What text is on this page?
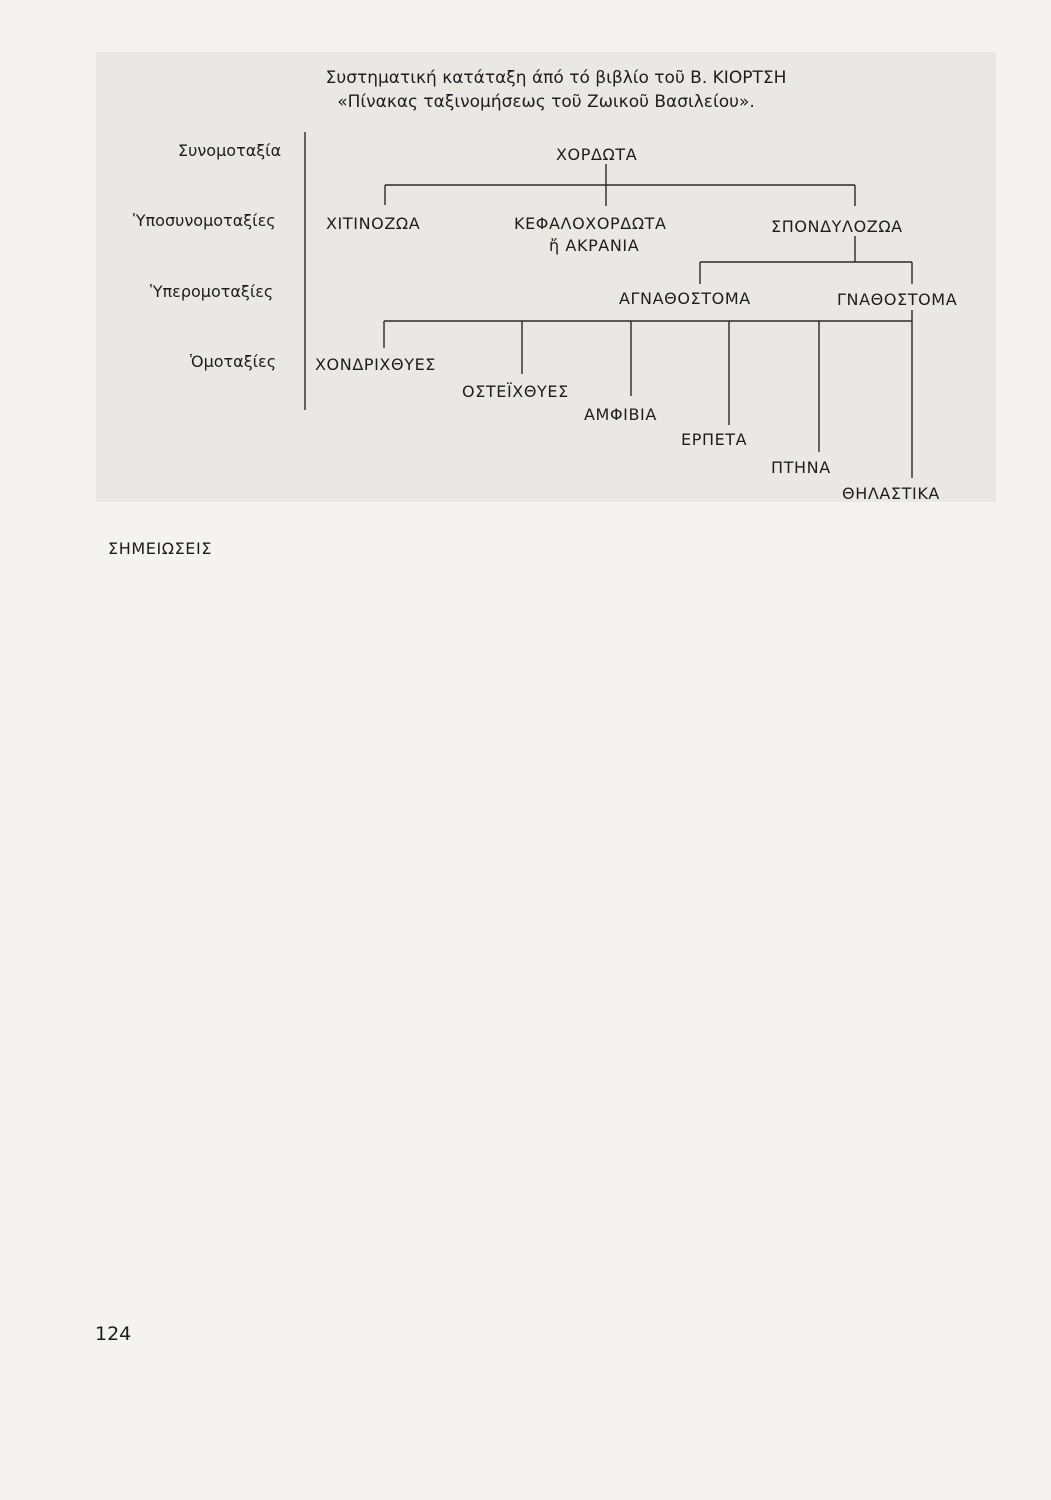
Συστηματική κατάταξη άπό τό βιβλίο τοῦ Β. ΚΙΟΡΤΣΗ
«Πίνακας ταξινομήσεως τοῦ Ζωικοῦ Βασιλείου».
Συνομοταξία
Ὑποσυνομοταξίες
Ὑπερομοταξίες
Ὁμοταξίες
ΧΟΡΔΩΤΑ
ΧΙΤΙΝΟΖΩΑ	ΚΕΦΑΛΟΧΟΡΔΩΤΑ
ἤ ΑΚΡΑΝΙΑ
ΣΠΟΝΔΥΛΟΖΩΑ
ΑΓΝΑΘΟΣΤΟΜΑ	ΓΝΑΘΟΣΤΟΜΑ
ΧΟΝΔΡΙΧΘΥΕΣ
ΟΣΤΕΪΧΘΥΕΣ
ΑΜΦΙΒΙΑ
ΕΡΠΕΤΑ
ΠΤΗΝΑ
ΘΗΛΑΣΤΙΚΑ
ΣΗΜΕΙΩΣΕΙΣ
124
